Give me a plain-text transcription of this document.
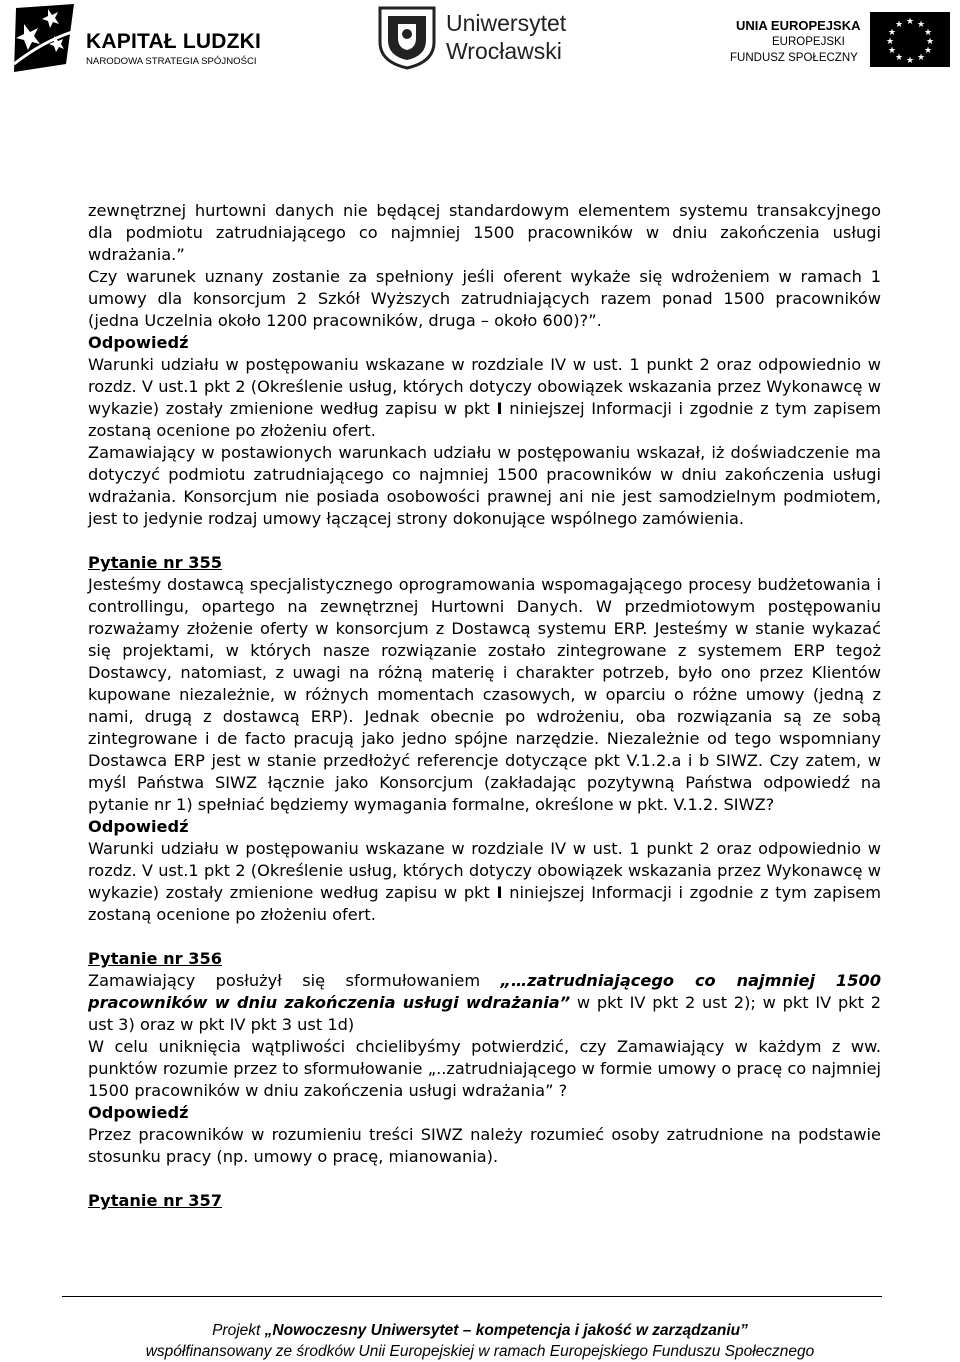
KAPITAŁ LUDZKI
NARODOWA STRATEGIA SPÓJNOŚCI
Uniwersytet
Wrocławski
UNIA EUROPEJSKA
EUROPEJSKI
FUNDUSZ SPOŁECZNY
★ ★
★
★
★
★
★
★
★
★
★
★

zewnętrznej hurtowni danych nie będącej standardowym elementem systemu transakcyjnego dla podmiotu zatrudniającego co najmniej 1500 pracowników w dniu zakończenia usługi wdrażania.”

Czy warunek uznany zostanie za spełniony jeśli oferent wykaże się wdrożeniem w ramach 1 umowy dla konsorcjum 2 Szkół Wyższych zatrudniających razem ponad 1500 pracowników (jedna Uczelnia około 1200 pracowników, druga – około 600)?”.

Odpowiedź

Warunki udziału w postępowaniu wskazane w rozdziale IV w ust. 1 punkt 2 oraz odpowiednio w rozdz. V ust.1 pkt 2 (Określenie usług, których dotyczy obowiązek wskazania przez Wykonawcę w wykazie) zostały zmienione według zapisu w pkt I niniejszej Informacji i zgodnie z tym zapisem zostaną ocenione po złożeniu ofert.

Zamawiający w postawionych warunkach udziału w postępowaniu wskazał, iż doświadczenie ma dotyczyć podmiotu zatrudniającego co najmniej 1500 pracowników w dniu zakończenia usługi wdrażania. Konsorcjum nie posiada osobowości prawnej ani nie jest samodzielnym podmiotem, jest to jedynie rodzaj umowy łączącej strony dokonujące wspólnego zamówienia.

Pytanie nr 355

Jesteśmy dostawcą specjalistycznego oprogramowania wspomagającego procesy budżetowania i controllingu, opartego na zewnętrznej Hurtowni Danych. W przedmiotowym postępowaniu rozważamy złożenie oferty w konsorcjum z Dostawcą systemu ERP. Jesteśmy w stanie wykazać się projektami, w których nasze rozwiązanie zostało zintegrowane z systemem ERP tegoż Dostawcy, natomiast, z uwagi na różną materię i charakter potrzeb, było ono przez Klientów kupowane niezależnie, w różnych momentach czasowych, w oparciu o różne umowy (jedną z nami, drugą z dostawcą ERP). Jednak obecnie po wdrożeniu, oba rozwiązania są ze sobą zintegrowane i de facto pracują jako jedno spójne narzędzie. Niezależnie od tego wspomniany Dostawca ERP jest w stanie przedłożyć referencje dotyczące pkt V.1.2.a i b SIWZ. Czy zatem, w myśl Państwa SIWZ łącznie jako Konsorcjum (zakładając pozytywną Państwa odpowiedź na pytanie nr 1) spełniać będziemy wymagania formalne, określone w pkt. V.1.2. SIWZ?

Odpowiedź

Warunki udziału w postępowaniu wskazane w rozdziale IV w ust. 1 punkt 2 oraz odpowiednio w rozdz. V ust.1 pkt 2 (Określenie usług, których dotyczy obowiązek wskazania przez Wykonawcę w wykazie) zostały zmienione według zapisu w pkt I niniejszej Informacji i zgodnie z tym zapisem zostaną ocenione po złożeniu ofert.

Pytanie nr 356

Zamawiający posłużył się sformułowaniem „…zatrudniającego co najmniej 1500 pracowników w dniu zakończenia usługi wdrażania” w pkt IV pkt 2 ust 2); w pkt IV pkt 2 ust 3) oraz w pkt IV pkt 3 ust 1d)

W celu uniknięcia wątpliwości chcielibyśmy potwierdzić, czy Zamawiający w każdym z ww. punktów rozumie przez to sformułowanie „..zatrudniającego w formie umowy o pracę co najmniej 1500 pracowników w dniu zakończenia usługi wdrażania” ?

Odpowiedź

Przez pracowników w rozumieniu treści SIWZ należy rozumieć osoby zatrudnione na podstawie stosunku pracy (np. umowy o pracę, mianowania).

Pytanie nr 357

Projekt „Nowoczesny Uniwersytet – kompetencja i jakość w zarządzaniu”
współfinansowany ze środków Unii Europejskiej w ramach Europejskiego Funduszu Społecznego
